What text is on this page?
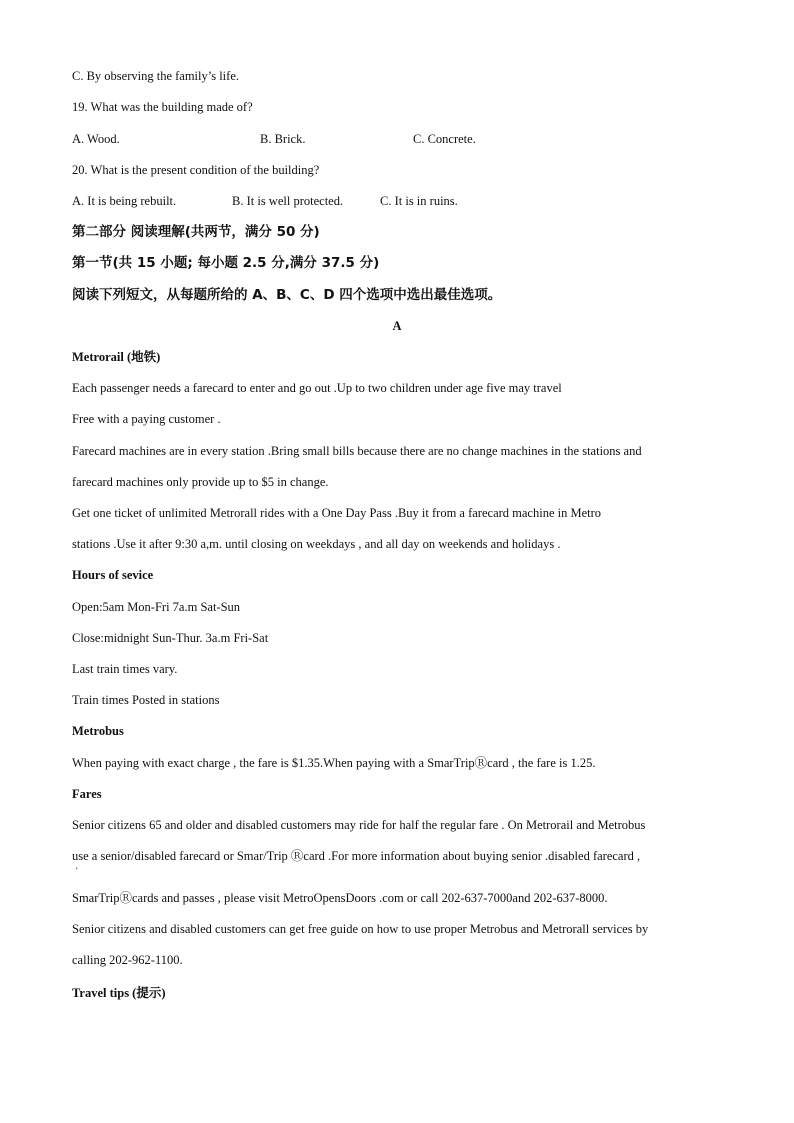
C. By observing the family’s life.
19. What was the building made of?
A. Wood.	B. Brick.	C. Concrete.
20. What is the present condition of the building?
A. It is being rebuilt.	B. It is well protected.	C. It is in ruins.
第二部分 阅读理解(共两节，满分 50 分)
第一节(共 15 小题; 每小题 2.5 分,满分 37.5 分)
阅读下列短文，从每题所给的 A、B、C、D 四个选项中选出最佳选项。
A
Metrorail (地铁)
Each passenger needs a farecard to enter and go out .Up to two children under age five may travel
Free with a paying customer .
Farecard machines are in every station .Bring small bills because there are no change machines in the stations and
farecard machines only provide up to $5 in change.
Get one ticket of unlimited Metrorall rides with a One Day Pass .Buy it from a farecard machine in Metro
stations .Use it after 9:30 a,m. until closing on weekdays , and all day on weekends and holidays .
Hours of sevice
Open:5am Mon-Fri 7a.m Sat-Sun
Close:midnight Sun-Thur. 3a.m Fri-Sat
Last train times vary.
Train times Posted in stations
Metrobus
When paying with exact charge , the fare is $1.35.When paying with a SmarTripⓇcard , the fare is 1.25.
Fares
Senior citizens 65 and older and disabled customers may ride for half the regular fare . On Metrorail and Metrobus
use a senior/disabled farecard or Smar/Trip Ⓡcard .For more information about buying senior .disabled farecard ,
'
SmarTripⓇcards and passes , please visit MetroOpensDoors .com or call 202-637-7000and 202-637-8000.
Senior citizens and disabled customers can get free guide on how to use proper Metrobus and Metrorall services by
calling 202-962-1100.
Travel tips (提示)
